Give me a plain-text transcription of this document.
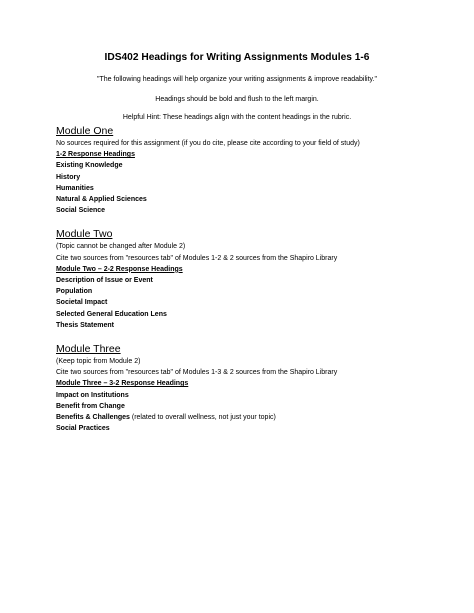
IDS402 Headings for Writing Assignments Modules 1-6
"The following headings will help organize your writing assignments & improve readability."
Headings should be bold and flush to the left margin.
Helpful Hint: These headings align with the content headings in the rubric.
Module One
No sources required for this assignment (if you do cite, please cite according to your field of study)
1-2 Response Headings
Existing Knowledge
History
Humanities
Natural & Applied Sciences
Social Science
Module Two
(Topic cannot be changed after Module 2)
Cite two sources from "resources tab" of Modules 1-2 & 2 sources from the Shapiro Library
Module Two – 2-2 Response Headings
Description of Issue or Event
Population
Societal Impact
Selected General Education Lens
Thesis Statement
Module Three
(Keep topic from Module 2)
Cite two sources from "resources tab" of Modules 1-3 & 2 sources from the Shapiro Library
Module Three – 3-2 Response Headings
Impact on Institutions
Benefit from Change
Benefits & Challenges (related to overall wellness, not just your topic)
Social Practices
